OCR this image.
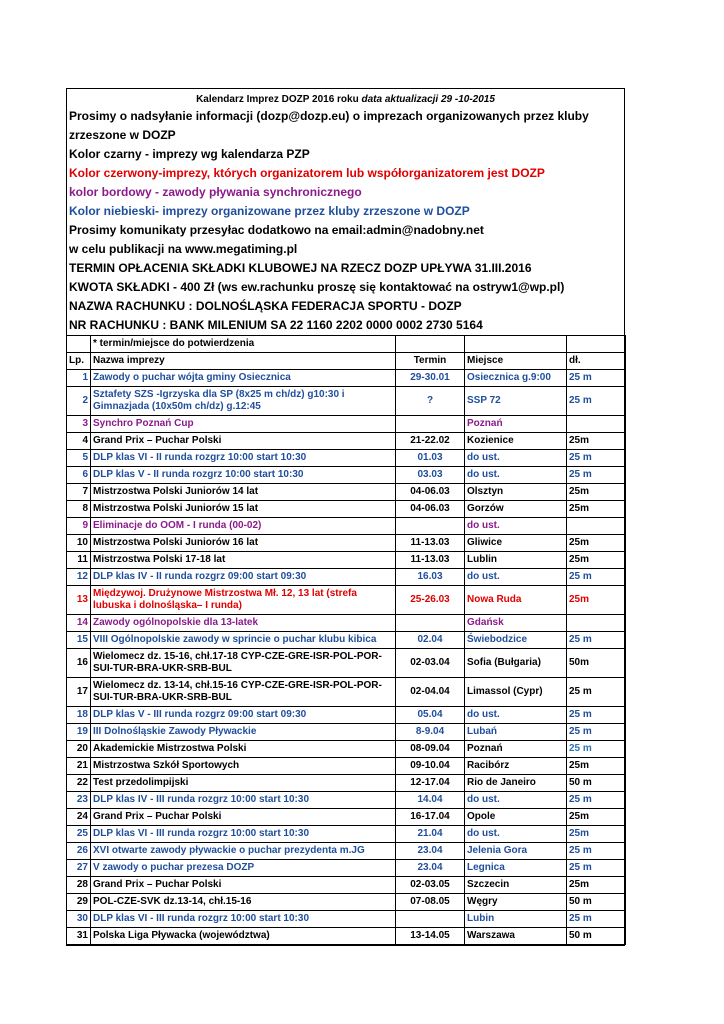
Kalendarz Imprez DOZP 2016 roku data aktualizacji 29 -10-2015
Prosimy o nadsyłanie informacji (dozp@dozp.eu) o imprezach organizowanych przez kluby
zrzeszone w DOZP
Kolor czarny - imprezy wg kalendarza PZP
Kolor czerwony-imprezy, których organizatorem lub współorganizatorem jest DOZP
kolor bordowy - zawody pływania synchronicznego
Kolor niebieski- imprezy organizowane przez kluby zrzeszone w DOZP
Prosimy komunikaty przesyłac dodatkowo na email:admin@nadobny.net
w celu publikacji na www.megatiming.pl
TERMIN OPŁACENIA SKŁADKI KLUBOWEJ NA RZECZ DOZP UPŁYWA 31.III.2016
KWOTA SKŁADKI - 400 Zł (ws ew.rachunku proszę się kontaktować na ostryw1@wp.pl)
NAZWA RACHUNKU : DOLNOŚLĄSKA FEDERACJA SPORTU - DOZP
NR RACHUNKU : BANK MILENIUM SA 22 1160 2202 0000 0002 2730 5164
	* termin/miejsce do potwierdzenia			
Lp.	Nazwa imprezy	Termin	Miejsce	dł.
1	Zawody o puchar wójta gminy Osiecznica	29-30.01	Osiecznica g.9:00	25 m
2	Sztafety SZS -Igrzyska dla SP (8x25 m ch/dz) g10:30 i Gimnazjada (10x50m ch/dz) g.12:45	?	SSP 72	25 m
3	Synchro Poznań Cup		Poznań	
4	Grand Prix – Puchar Polski	21-22.02	Kozienice	25m
5	DLP klas VI - II runda rozgrz 10:00 start 10:30	01.03	do ust.	25 m
6	DLP klas V - II runda rozgrz 10:00 start 10:30	03.03	do ust.	25 m
7	Mistrzostwa Polski Juniorów 14 lat	04-06.03	Olsztyn	25m
8	Mistrzostwa Polski Juniorów 15 lat	04-06.03	Gorzów	25m
9	Eliminacje do OOM - I runda (00-02)		do ust.	
10	Mistrzostwa Polski Juniorów 16 lat	11-13.03	Gliwice	25m
11	Mistrzostwa Polski 17-18 lat	11-13.03	Lublin	25m
12	DLP klas IV - II runda rozgrz 09:00 start 09:30	16.03	do ust.	25 m
13	Międzywoj. Drużynowe Mistrzostwa Mł. 12, 13 lat (strefa lubuska i dolnośląska– I runda)	25-26.03	Nowa Ruda	25m
14	Zawody ogólnopolskie dla 13-latek		Gdańsk	
15	VIII Ogólnopolskie zawody w sprincie o puchar klubu kibica	02.04	Świebodzice	25 m
16	Wielomecz dz. 15-16, chł.17-18 CYP-CZE-GRE-ISR-POL-POR-SUI-TUR-BRA-UKR-SRB-BUL	02-03.04	Sofia (Bułgaria)	50m
17	Wielomecz dz. 13-14, chł.15-16 CYP-CZE-GRE-ISR-POL-POR-SUI-TUR-BRA-UKR-SRB-BUL	02-04.04	Limassol (Cypr)	25 m
18	DLP klas V - III runda rozgrz 09:00 start 09:30	05.04	do ust.	25 m
19	III Dolnośląskie Zawody Pływackie	8-9.04	Lubań	25 m
20	Akademickie Mistrzostwa Polski	08-09.04	Poznań	25 m
21	Mistrzostwa Szkół Sportowych	09-10.04	Racibórz	25m
22	Test przedolimpijski	12-17.04	Rio de Janeiro	50 m
23	DLP klas IV - III runda rozgrz 10:00 start 10:30	14.04	do ust.	25 m
24	Grand Prix – Puchar Polski	16-17.04	Opole	25m
25	DLP klas VI - III runda rozgrz 10:00 start 10:30	21.04	do ust.	25m
26	XVI otwarte zawody pływackie o puchar prezydenta m.JG	23.04	Jelenia Gora	25 m
27	V zawody o puchar prezesa DOZP	23.04	Legnica	25 m
28	Grand Prix – Puchar Polski	02-03.05	Szczecin	25m
29	POL-CZE-SVK dz.13-14, chł.15-16	07-08.05	Węgry	50 m
30	DLP klas VI - III runda rozgrz 10:00 start 10:30		Lubin	25 m
31	Polska Liga Pływacka (województwa)	13-14.05	Warszawa	50 m
